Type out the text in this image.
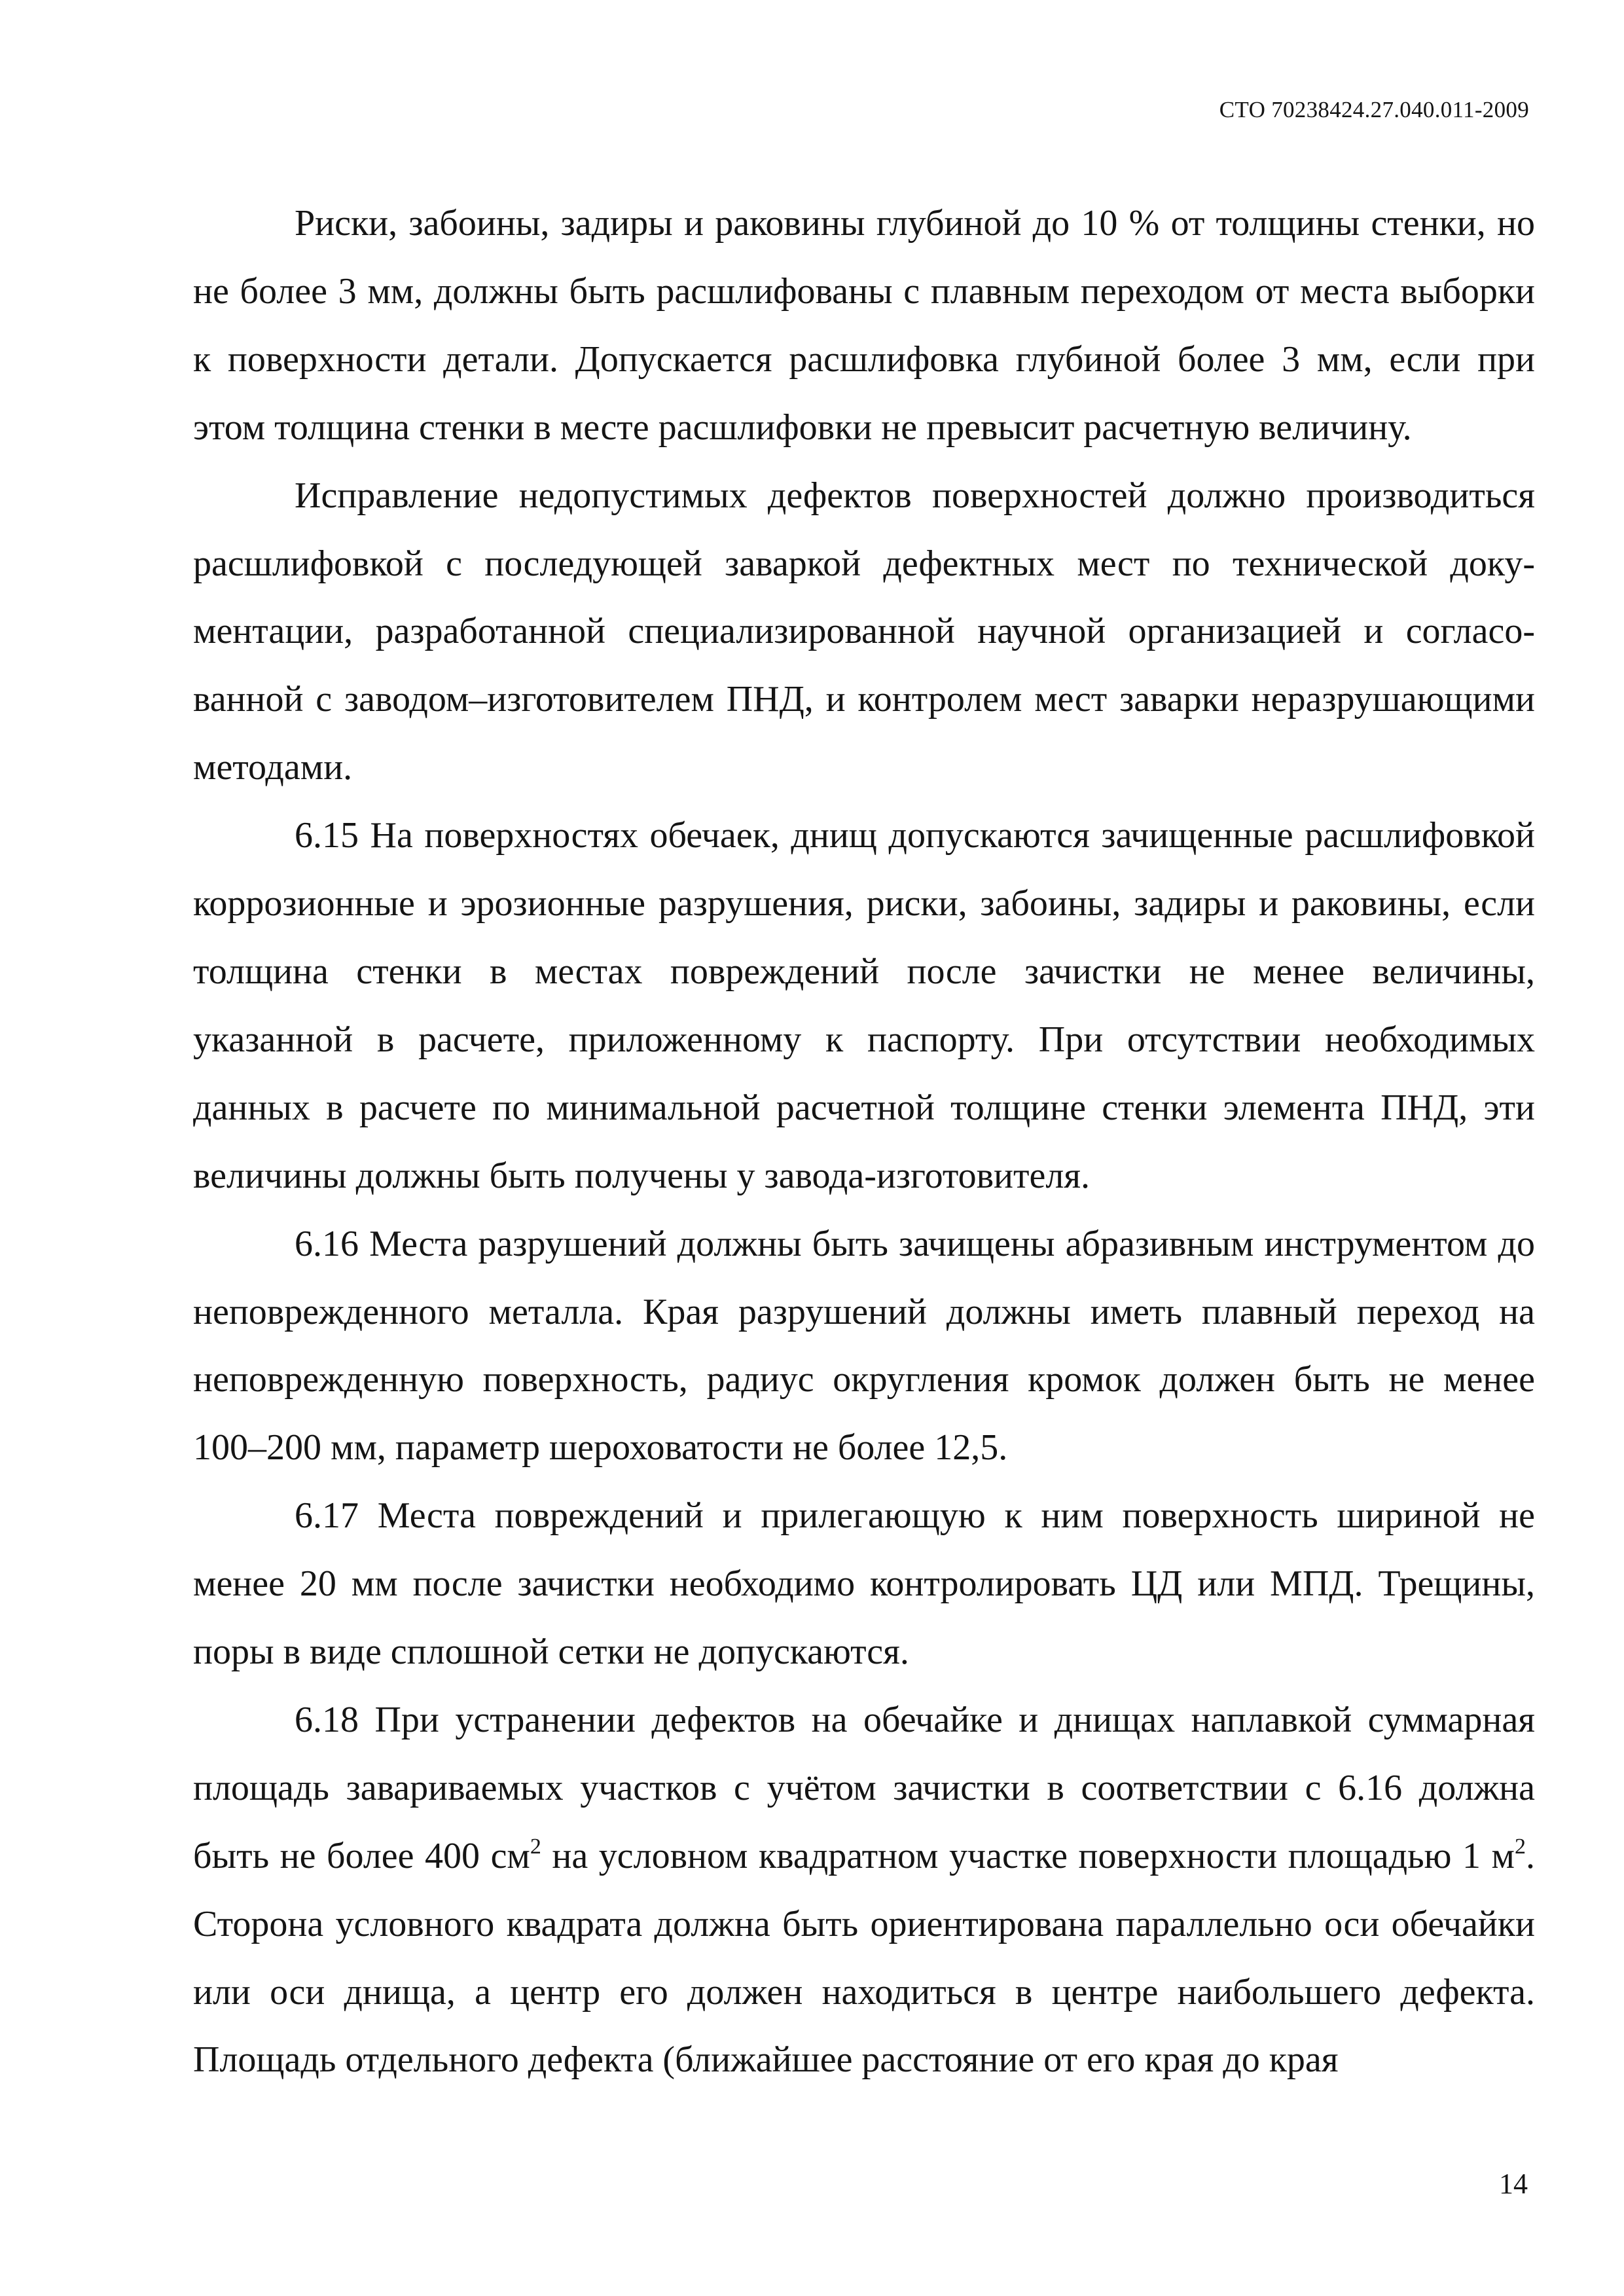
СТО 70238424.27.040.011-2009

Риски, забоины, задиры и раковины глубиной до 10 % от толщины стенки, но не более 3 мм, должны быть расшлифованы с плавным переходом от места выборки к поверхности детали. Допускается расшлифовка глубиной более 3 мм, если при этом толщина стенки в месте расшлифовки не превысит расчетную величину.

Исправление недопустимых дефектов поверхностей должно производиться расшлифовкой с последующей заваркой дефектных мест по технической документации, разработанной специализированной научной организацией и согласованной с заводом–изготовителем ПНД, и контролем мест заварки неразрушающими методами.

6.15 На поверхностях обечаек, днищ допускаются зачищенные расшлифовкой коррозионные и эрозионные разрушения, риски, забоины, задиры и раковины, если толщина стенки в местах повреждений после зачистки не менее величины, указанной в расчете, приложенному к паспорту. При отсутствии необходимых данных в расчете по минимальной расчетной толщине стенки элемента ПНД, эти величины должны быть получены у завода-изготовителя.

6.16 Места разрушений должны быть зачищены абразивным инструментом до неповрежденного металла. Края разрушений должны иметь плавный переход на неповрежденную поверхность, радиус округления кромок должен быть не менее 100–200 мм, параметр шероховатости не более 12,5.

6.17 Места повреждений и прилегающую к ним поверхность шириной не менее 20 мм после зачистки необходимо контролировать ЦД или МПД. Трещины, поры в виде сплошной сетки не допускаются.

6.18 При устранении дефектов на обечайке и днищах наплавкой суммарная площадь завариваемых участков с учётом зачистки в соответствии с 6.16 должна быть не более 400 $см^2$ на условном квадратном участке поверхности площадью 1 $м^2$. Сторона условного квадрата должна быть ориентирована параллельно оси обечайки или оси днища, а центр его должен находиться в центре наибольшего дефекта. Площадь отдельного дефекта (ближайшее расстояние от его края до края

14
